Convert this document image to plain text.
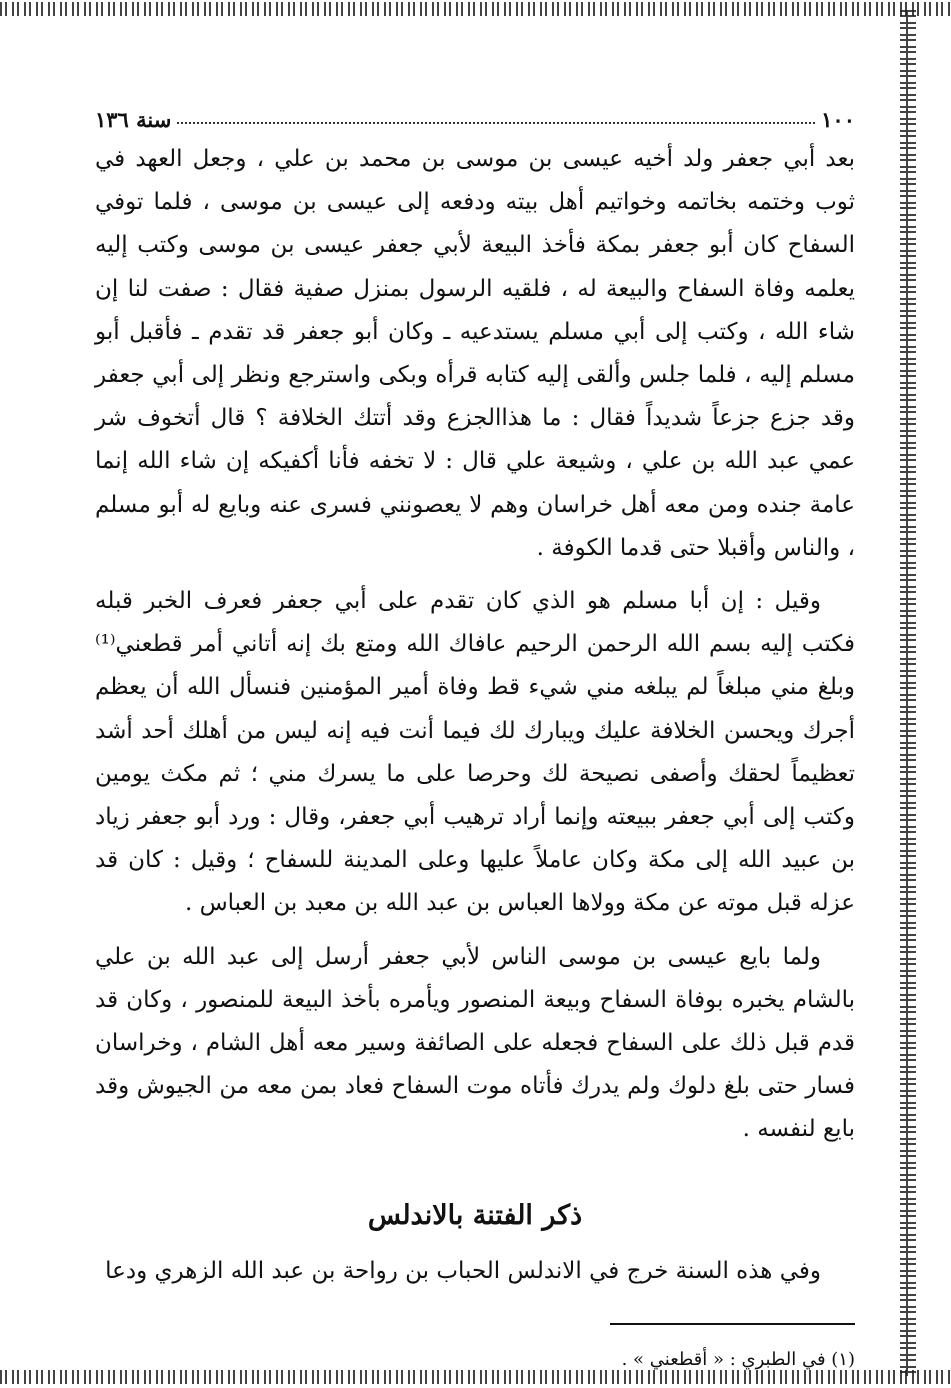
١٠٠
سنة ١٣٦

بعد أبي جعفر ولد أخيه عيسى بن موسى بن محمد بن علي ، وجعل العهد في ثوب وختمه بخاتمه وخواتيم أهل بيته ودفعه إلى عيسى بن موسى ، فلما توفي السفاح كان أبو جعفر بمكة فأخذ البيعة لأبي جعفر عيسى بن موسى وكتب إليه يعلمه وفاة السفاح والبيعة له ، فلقيه الرسول بمنزل صفية فقال : صفت لنا إن شاء الله ، وكتب إلى أبي مسلم يستدعيه ـ وكان أبو جعفر قد تقدم ـ فأقبل أبو مسلم إليه ، فلما جلس وألقى إليه كتابه قرأه وبكى واسترجع ونظر إلى أبي جعفر وقد جزع جزعاً شديداً فقال : ما هذاالجزع وقد أتتك الخلافة ؟ قال أتخوف شر عمي عبد الله بن علي ، وشيعة علي قال : لا تخفه فأنا أكفيكه إن شاء الله إنما عامة جنده ومن معه أهل خراسان وهم لا يعصونني فسرى عنه وبايع له أبو مسلم ، والناس وأقبلا حتى قدما الكوفة .

وقيل : إن أبا مسلم هو الذي كان تقدم على أبي جعفر فعرف الخبر قبله فكتب إليه بسم الله الرحمن الرحيم عافاك الله ومتع بك إنه أتاني أمر قطعني⁽¹⁾ وبلغ مني مبلغاً لم يبلغه مني شيء قط وفاة أمير المؤمنين فنسأل الله أن يعظم أجرك ويحسن الخلافة عليك ويبارك لك فيما أنت فيه إنه ليس من أهلك أحد أشد تعظيماً لحقك وأصفى نصيحة لك وحرصا على ما يسرك مني ؛ ثم مكث يومين وكتب إلى أبي جعفر ببيعته وإنما أراد ترهيب أبي جعفر، وقال : ورد أبو جعفر زياد بن عبيد الله إلى مكة وكان عاملاً عليها وعلى المدينة للسفاح ؛ وقيل : كان قد عزله قبل موته عن مكة وولاها العباس بن عبد الله بن معبد بن العباس .

ولما بايع عيسى بن موسى الناس لأبي جعفر أرسل إلى عبد الله بن علي بالشام يخبره بوفاة السفاح وبيعة المنصور ويأمره بأخذ البيعة للمنصور ، وكان قد قدم قبل ذلك على السفاح فجعله على الصائفة وسير معه أهل الشام ، وخراسان فسار حتى بلغ دلوك ولم يدرك فأتاه موت السفاح فعاد بمن معه من الجيوش وقد بايع لنفسه .

ذكر الفتنة بالاندلس

وفي هذه السنة خرج في الاندلس الحباب بن رواحة بن عبد الله الزهري ودعا

(١) في الطبري : « أقطعني » .
